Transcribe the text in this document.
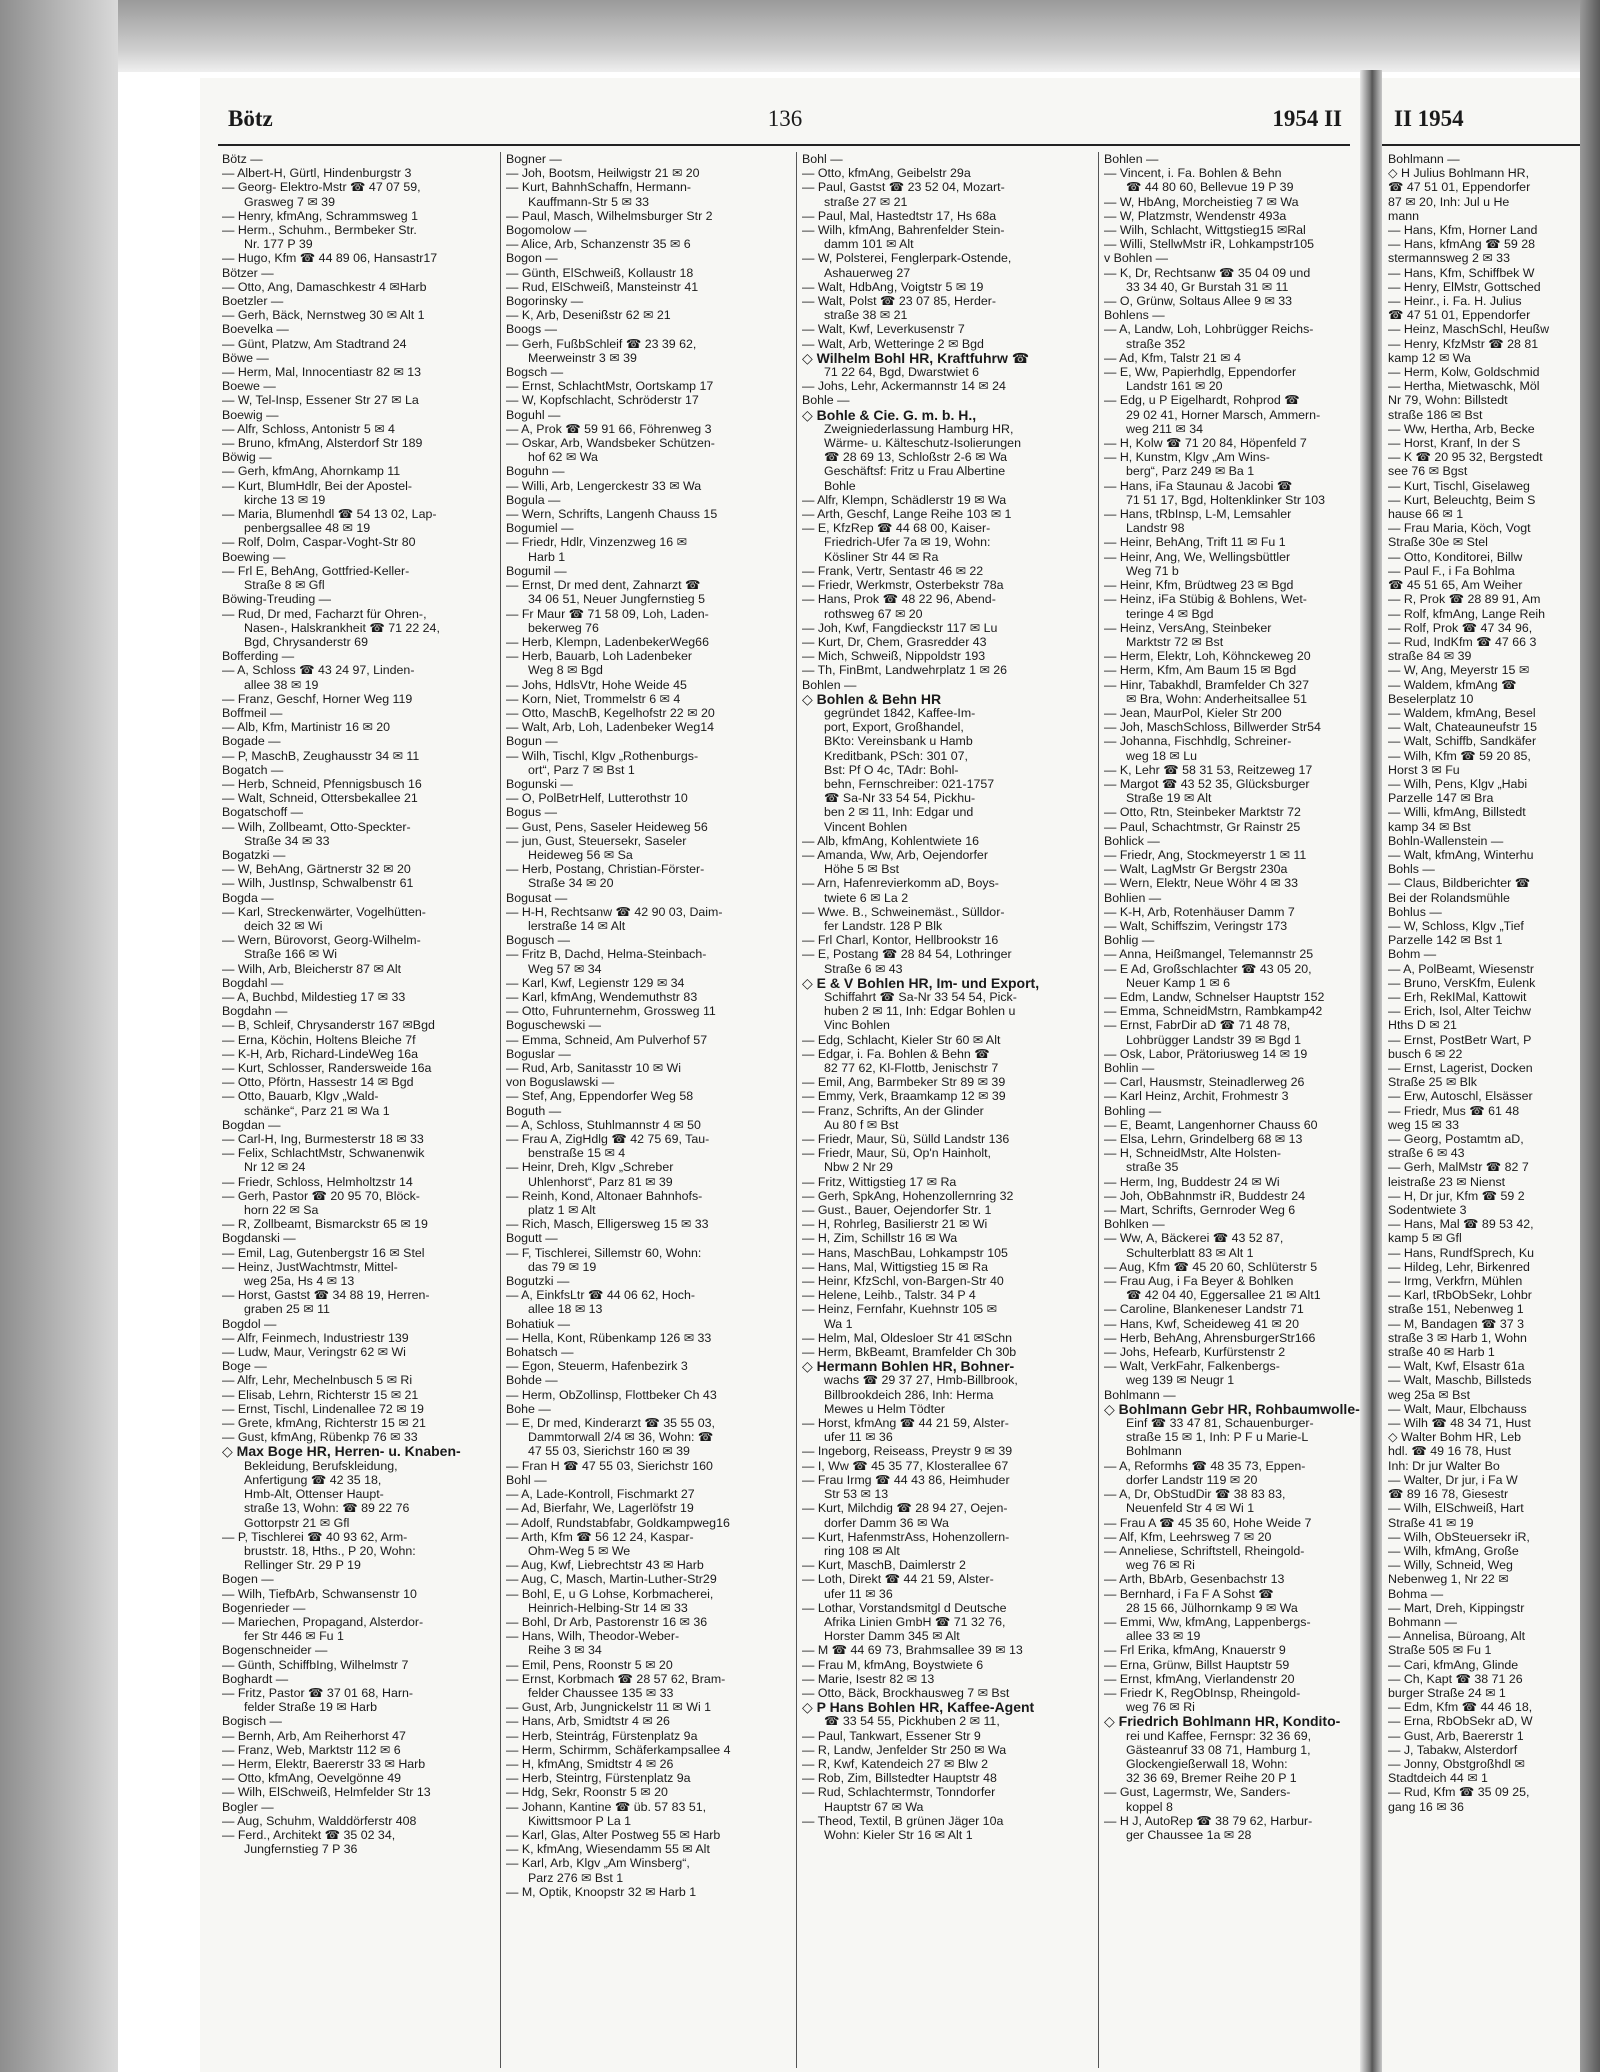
Bötz	136	1954 II
Bötz —
— Albert-H, Gürtl, Hindenburgstr 3
— Georg- Elektro-Mstr ☎ 47 07 59,
Grasweg 7 ✉ 39
— Henry, kfmAng, Schrammsweg 1
— Herm., Schuhm., Bermbeker Str.
Nr. 177 P 39
— Hugo, Kfm ☎ 44 89 06, Hansastr17
Bötzer —
— Otto, Ang, Damaschkestr 4 ✉Harb
Boetzler —
— Gerh, Bäck, Nernstweg 30 ✉ Alt 1
Boevelka —
— Günt, Platzw, Am Stadtrand 24
Böwe —
— Herm, Mal, Innocentiastr 82 ✉ 13
Boewe —
— W, Tel-Insp, Essener Str 27 ✉ La
Boewig —
— Alfr, Schloss, Antonistr 5 ✉ 4
— Bruno, kfmAng, Alsterdorf Str 189
Böwig —
— Gerh, kfmAng, Ahornkamp 11
— Kurt, BlumHdlr, Bei der Apostel-
kirche 13 ✉ 19
— Maria, Blumenhdl ☎ 54 13 02, Lap-
penbergsallee 48 ✉ 19
— Rolf, Dolm, Caspar-Voght-Str 80
Boewing —
— Frl E, BehAng, Gottfried-Keller-
Straße 8 ✉ Gfl
Böwing-Treuding —
— Rud, Dr med, Facharzt für Ohren-,
Nasen-, Halskrankheit ☎ 71 22 24,
Bgd, Chrysanderstr 69
Bofferding —
— A, Schloss ☎ 43 24 97, Linden-
allee 38 ✉ 19
— Franz, Geschf, Horner Weg 119
Boffmeil —
— Alb, Kfm, Martinistr 16 ✉ 20
Bogade —
— P, MaschB, Zeughausstr 34 ✉ 11
Bogatch —
— Herb, Schneid, Pfennigsbusch 16
— Walt, Schneid, Ottersbekallee 21
Bogatschoff —
— Wilh, Zollbeamt, Otto-Speckter-
Straße 34 ✉ 33
Bogatzki —
— W, BehAng, Gärtnerstr 32 ✉ 20
— Wilh, JustInsp, Schwalbenstr 61
Bogda —
— Karl, Streckenwärter, Vogelhütten-
deich 32 ✉ Wi
— Wern, Bürovorst, Georg-Wilhelm-
Straße 166 ✉ Wi
— Wilh, Arb, Bleicherstr 87 ✉ Alt
Bogdahl —
— A, Buchbd, Mildestieg 17 ✉ 33
Bogdahn —
— B, Schleif, Chrysanderstr 167 ✉Bgd
— Erna, Köchin, Holtens Bleiche 7f
— K-H, Arb, Richard-LindeWeg 16a
— Kurt, Schlosser, Randersweide 16a
— Otto, Pförtn, Hassestr 14 ✉ Bgd
— Otto, Bauarb, Klgv „Wald-
schänke“, Parz 21 ✉ Wa 1
Bogdan —
— Carl-H, Ing, Burmesterstr 18 ✉ 33
— Felix, SchlachtMstr, Schwanenwik
Nr 12 ✉ 24
— Friedr, Schloss, Helmholtzstr 14
— Gerh, Pastor ☎ 20 95 70, Blöck-
horn 22 ✉ Sa
— R, Zollbeamt, Bismarckstr 65 ✉ 19
Bogdanski —
— Emil, Lag, Gutenbergstr 16 ✉ Stel
— Heinz, JustWachtmstr, Mittel-
weg 25a, Hs 4 ✉ 13
— Horst, Gastst ☎ 34 88 19, Herren-
graben 25 ✉ 11
Bogdol —
— Alfr, Feinmech, Industriestr 139
— Ludw, Maur, Veringstr 62 ✉ Wi
Boge —
— Alfr, Lehr, Mechelnbusch 5 ✉ Ri
— Elisab, Lehrn, Richterstr 15 ✉ 21
— Ernst, Tischl, Lindenallee 72 ✉ 19
— Grete, kfmAng, Richterstr 15 ✉ 21
— Gust, kfmAng, Rübenkp 76 ✉ 33
◇ Max Boge HR, Herren- u. Knaben-
Bekleidung, Berufskleidung,
Anfertigung ☎ 42 35 18,
Hmb-Alt, Ottenser Haupt-
straße 13, Wohn: ☎ 89 22 76
Gottorpstr 21 ✉ Gfl
— P, Tischlerei ☎ 40 93 62, Arm-
bruststr. 18, Hths., P 20, Wohn:
Rellinger Str. 29 P 19
Bogen —
— Wilh, TiefbArb, Schwansenstr 10
Bogenrieder —
— Mariechen, Propagand, Alsterdor-
fer Str 446 ✉ Fu 1
Bogenschneider —
— Günth, SchiffbIng, Wilhelmstr 7
Boghardt —
— Fritz, Pastor ☎ 37 01 68, Harn-
felder Straße 19 ✉ Harb
Bogisch —
— Bernh, Arb, Am Reiherhorst 47
— Franz, Web, Marktstr 112 ✉ 6
— Herm, Elektr, Baererstr 33 ✉ Harb
— Otto, kfmAng, Oevelgönne 49
— Wilh, ElSchweiß, Helmfelder Str 13
Bogler —
— Aug, Schuhm, Walddörferstr 408
— Ferd., Architekt ☎ 35 02 34,
Jungfernstieg 7 P 36
Bogner —
— Joh, Bootsm, Heilwigstr 21 ✉ 20
— Kurt, BahnhSchaffn, Hermann-
Kauffmann-Str 5 ✉ 33
— Paul, Masch, Wilhelmsburger Str 2
Bogomolow —
— Alice, Arb, Schanzenstr 35 ✉ 6
Bogon —
— Günth, ElSchweiß, Kollaustr 18
— Rud, ElSchweiß, Mansteinstr 41
Bogorinsky —
— K, Arb, Desenißstr 62 ✉ 21
Boogs —
— Gerh, FußbSchleif ☎ 23 39 62,
Meerweinstr 3 ✉ 39
Bogsch —
— Ernst, SchlachtMstr, Oortskamp 17
— W, Kopfschlacht, Schröderstr 17
Boguhl —
— A, Prok ☎ 59 91 66, Föhrenweg 3
— Oskar, Arb, Wandsbeker Schützen-
hof 62 ✉ Wa
Boguhn —
— Willi, Arb, Lengerckestr 33 ✉ Wa
Bogula —
— Wern, Schrifts, Langenh Chauss 15
Bogumiel —
— Friedr, Hdlr, Vinzenzweg 16 ✉
Harb 1
Bogumil —
— Ernst, Dr med dent, Zahnarzt ☎
34 06 51, Neuer Jungfernstieg 5
— Fr Maur ☎ 71 58 09, Loh, Laden-
bekerweg 76
— Herb, Klempn, LadenbekerWeg66
— Herb, Bauarb, Loh Ladenbeker
Weg 8 ✉ Bgd
— Johs, HdlsVtr, Hohe Weide 45
— Korn, Niet, Trommelstr 6 ✉ 4
— Otto, MaschB, Kegelhofstr 22 ✉ 20
— Walt, Arb, Loh, Ladenbeker Weg14
Bogun —
— Wilh, Tischl, Klgv „Rothenburgs-
ort“, Parz 7 ✉ Bst 1
Bogunski —
— O, PolBetrHelf, Lutterothstr 10
Bogus —
— Gust, Pens, Saseler Heideweg 56
— jun, Gust, Steuersekr, Saseler
Heideweg 56 ✉ Sa
— Herb, Postang, Christian-Förster-
Straße 34 ✉ 20
Bogusat —
— H-H, Rechtsanw ☎ 42 90 03, Daim-
lerstraße 14 ✉ Alt
Bogusch —
— Fritz B, Dachd, Helma-Steinbach-
Weg 57 ✉ 34
— Karl, Kwf, Legienstr 129 ✉ 34
— Karl, kfmAng, Wendemuthstr 83
— Otto, Fuhrunternehm, Grossweg 11
Boguschewski —
— Emma, Schneid, Am Pulverhof 57
Boguslar —
— Rud, Arb, Sanitasstr 10 ✉ Wi
von Boguslawski —
— Stef, Ang, Eppendorfer Weg 58
Boguth —
— A, Schloss, Stuhlmannstr 4 ✉ 50
— Frau A, ZigHdlg ☎ 42 75 69, Tau-
benstraße 15 ✉ 4
— Heinr, Dreh, Klgv „Schreber
Uhlenhorst“, Parz 81 ✉ 39
— Reinh, Kond, Altonaer Bahnhofs-
platz 1 ✉ Alt
— Rich, Masch, Elligersweg 15 ✉ 33
Bogutt —
— F, Tischlerei, Sillemstr 60, Wohn:
das 79 ✉ 19
Bogutzki —
— A, EinkfsLtr ☎ 44 06 62, Hoch-
allee 18 ✉ 13
Bohatiuk —
— Hella, Kont, Rübenkamp 126 ✉ 33
Bohatsch —
— Egon, Steuerm, Hafenbezirk 3
Bohde —
— Herm, ObZollinsp, Flottbeker Ch 43
Bohe —
— E, Dr med, Kinderarzt ☎ 35 55 03,
Dammtorwall 2/4 ✉ 36, Wohn: ☎
47 55 03, Sierichstr 160 ✉ 39
— Fran H ☎ 47 55 03, Sierichstr 160
Bohl —
— A, Lade-Kontroll, Fischmarkt 27
— Ad, Bierfahr, We, Lagerlöfstr 19
— Adolf, Rundstabfabr, Goldkampweg16
— Arth, Kfm ☎ 56 12 24, Kaspar-
Ohm-Weg 5 ✉ We
— Aug, Kwf, Liebrechtstr 43 ✉ Harb
— Aug, C, Masch, Martin-Luther-Str29
— Bohl, E, u G Lohse, Korbmacherei,
Heinrich-Helbing-Str 14 ✉ 33
— Bohl, Dr Arb, Pastorenstr 16 ✉ 36
— Hans, Wilh, Theodor-Weber-
Reihe 3 ✉ 34
— Emil, Pens, Roonstr 5 ✉ 20
— Ernst, Korbmach ☎ 28 57 62, Bram-
felder Chaussee 135 ✉ 33
— Gust, Arb, Jungnickelstr 11 ✉ Wi 1
— Hans, Arb, Smidtstr 4 ✉ 26
— Herb, Steintrág, Fürstenplatz 9a
— Herm, Schirmm, Schäferkampsallee 4
— H, kfmAng, Smidtstr 4 ✉ 26
— Herb, Steintrg, Fürstenplatz 9a
— Hdg, Sekr, Roonstr 5 ✉ 20
— Johann, Kantine ☎ üb. 57 83 51,
Kiwittsmoor P La 1
— Karl, Glas, Alter Postweg 55 ✉ Harb
— K, kfmAng, Wiesendamm 55 ✉ Alt
— Karl, Arb, Klgv „Am Winsberg“,
Parz 276 ✉ Bst 1
— M, Optik, Knoopstr 32 ✉ Harb 1
Bohl —
— Otto, kfmAng, Geibelstr 29a
— Paul, Gastst ☎ 23 52 04, Mozart-
straße 27 ✉ 21
— Paul, Mal, Hastedtstr 17, Hs 68a
— Wilh, kfmAng, Bahrenfelder Stein-
damm 101 ✉ Alt
— W, Polsterei, Fenglerpark-Ostende,
Ashauerweg 27
— Walt, HdbAng, Voigtstr 5 ✉ 19
— Walt, Polst ☎ 23 07 85, Herder-
straße 38 ✉ 21
— Walt, Kwf, Leverkusenstr 7
— Walt, Arb, Wetteringe 2 ✉ Bgd
◇ Wilhelm Bohl HR, Kraftfuhrw ☎
71 22 64, Bgd, Dwarstwiet 6
— Johs, Lehr, Ackermannstr 14 ✉ 24
Bohle —
◇ Bohle & Cie. G. m. b. H.,
Zweigniederlassung Hamburg HR,
Wärme- u. Kälteschutz-Isolierungen
☎ 28 69 13, Schloßstr 2-6 ✉ Wa
Geschäftsf: Fritz u Frau Albertine
Bohle
— Alfr, Klempn, Schädlerstr 19 ✉ Wa
— Arth, Geschf, Lange Reihe 103 ✉ 1
— E, KfzRep ☎ 44 68 00, Kaiser-
Friedrich-Ufer 7a ✉ 19, Wohn:
Kösliner Str 44 ✉ Ra
— Frank, Vertr, Sentastr 46 ✉ 22
— Friedr, Werkmstr, Osterbekstr 78a
— Hans, Prok ☎ 48 22 96, Abend-
rothsweg 67 ✉ 20
— Joh, Kwf, Fangdieckstr 117 ✉ Lu
— Kurt, Dr, Chem, Grasredder 43
— Mich, Schweiß, Nippoldstr 193
— Th, FinBmt, Landwehrplatz 1 ✉ 26
Bohlen —
◇ Bohlen & Behn HR
gegründet 1842, Kaffee-Im-
port, Export, Großhandel,
BKto: Vereinsbank u Hamb
Kreditbank, PSch: 301 07,
Bst: Pf O 4c, TAdr: Bohl-
behn, Fernschreiber: 021-1757
☎ Sa-Nr 33 54 54, Pickhu-
ben 2 ✉ 11, Inh: Edgar und
Vincent Bohlen
— Alb, kfmAng, Kohlentwiete 16
— Amanda, Ww, Arb, Oejendorfer
Höhe 5 ✉ Bst
— Arn, Hafenrevierkomm aD, Boys-
twiete 6 ✉ La 2
— Wwe. B., Schweinemäst., Sülldor-
fer Landstr. 128 P Blk
— Frl Charl, Kontor, Hellbrookstr 16
— E, Postang ☎ 28 84 54, Lothringer
Straße 6 ✉ 43
◇ E & V Bohlen HR, Im- und Export,
Schiffahrt ☎ Sa-Nr 33 54 54, Pick-
huben 2 ✉ 11, Inh: Edgar Bohlen u
Vinc Bohlen
— Edg, Schlacht, Kieler Str 60 ✉ Alt
— Edgar, i. Fa. Bohlen & Behn ☎
82 77 62, Kl-Flottb, Jenischstr 7
— Emil, Ang, Barmbeker Str 89 ✉ 39
— Emmy, Verk, Braamkamp 12 ✉ 39
— Franz, Schrifts, An der Glinder
Au 80 f ✉ Bst
— Friedr, Maur, Sü, Sülld Landstr 136
— Friedr, Maur, Sü, Op'n Hainholt,
Nbw 2 Nr 29
— Fritz, Wittigstieg 17 ✉ Ra
— Gerh, SpkAng, Hohenzollernring 32
— Gust., Bauer, Oejendorfer Str. 1
— H, Rohrleg, Basilierstr 21 ✉ Wi
— H, Zim, Schillstr 16 ✉ Wa
— Hans, MaschBau, Lohkampstr 105
— Hans, Mal, Wittigstieg 15 ✉ Ra
— Heinr, KfzSchl, von-Bargen-Str 40
— Helene, Leihb., Talstr. 34 P 4
— Heinz, Fernfahr, Kuehnstr 105 ✉
Wa 1
— Helm, Mal, Oldesloer Str 41 ✉Schn
— Herm, BkBeamt, Bramfelder Ch 30b
◇ Hermann Bohlen HR, Bohner-
wachs ☎ 29 37 27, Hmb-Billbrook,
Billbrookdeich 286, Inh: Herma
Mewes u Helm Tödter
— Horst, kfmAng ☎ 44 21 59, Alster-
ufer 11 ✉ 36
— Ingeborg, Reiseass, Preystr 9 ✉ 39
— I, Ww ☎ 45 35 77, Klosterallee 67
— Frau Irmg ☎ 44 43 86, Heimhuder
Str 53 ✉ 13
— Kurt, Milchdig ☎ 28 94 27, Oejen-
dorfer Damm 36 ✉ Wa
— Kurt, HafenmstrAss, Hohenzollern-
ring 108 ✉ Alt
— Kurt, MaschB, Daimlerstr 2
— Loth, Direkt ☎ 44 21 59, Alster-
ufer 11 ✉ 36
— Lothar, Vorstandsmitgl d Deutsche
Afrika Linien GmbH ☎ 71 32 76,
Horster Damm 345 ✉ Alt
— M ☎ 44 69 73, Brahmsallee 39 ✉ 13
— Frau M, kfmAng, Boystwiete 6
— Marie, Isestr 82 ✉ 13
— Otto, Bäck, Brockhausweg 7 ✉ Bst
◇ P Hans Bohlen HR, Kaffee-Agent
☎ 33 54 55, Pickhuben 2 ✉ 11,
— Paul, Tankwart, Essener Str 9
— R, Landw, Jenfelder Str 250 ✉ Wa
— R, Kwf, Katendeich 27 ✉ Blw 2
— Rob, Zim, Billstedter Hauptstr 48
— Rud, Schlachtermstr, Tonndorfer
Hauptstr 67 ✉ Wa
— Theod, Textil, B grünen Jäger 10a
Wohn: Kieler Str 16 ✉ Alt 1
Bohlen —
— Vincent, i. Fa. Bohlen & Behn
☎ 44 80 60, Bellevue 19 P 39
— W, HbAng, Morcheistieg 7 ✉ Wa
— W, Platzmstr, Wendenstr 493a
— Wilh, Schlacht, Wittgstieg15 ✉Ral
— Willi, StellwMstr iR, Lohkampstr105
v Bohlen —
— K, Dr, Rechtsanw ☎ 35 04 09 und
33 34 40, Gr Burstah 31 ✉ 11
— O, Grünw, Soltaus Allee 9 ✉ 33
Bohlens —
— A, Landw, Loh, Lohbrügger Reichs-
straße 352
— Ad, Kfm, Talstr 21 ✉ 4
— E, Ww, Papierhdlg, Eppendorfer
Landstr 161 ✉ 20
— Edg, u P Eigelhardt, Rohprod ☎
29 02 41, Horner Marsch, Ammern-
weg 211 ✉ 34
— H, Kolw ☎ 71 20 84, Höpenfeld 7
— H, Kunstm, Klgv „Am Wins-
berg“, Parz 249 ✉ Ba 1
— Hans, iFa Staunau & Jacobi ☎
71 51 17, Bgd, Holtenklinker Str 103
— Hans, tRbInsp, L-M, Lemsahler
Landstr 98
— Heinr, BehAng, Trift 11 ✉ Fu 1
— Heinr, Ang, We, Wellingsbüttler
Weg 71 b
— Heinr, Kfm, Brüdtweg 23 ✉ Bgd
— Heinz, iFa Stübig & Bohlens, Wet-
teringe 4 ✉ Bgd
— Heinz, VersAng, Steinbeker
Marktstr 72 ✉ Bst
— Herm, Elektr, Loh, Köhnckeweg 20
— Herm, Kfm, Am Baum 15 ✉ Bgd
— Hinr, Tabakhdl, Bramfelder Ch 327
✉ Bra, Wohn: Anderheitsallee 51
— Jean, MaurPol, Kieler Str 200
— Joh, MaschSchloss, Billwerder Str54
— Johanna, Fischhdlg, Schreiner-
weg 18 ✉ Lu
— K, Lehr ☎ 58 31 53, Reitzeweg 17
— Margot ☎ 43 52 35, Glücksburger
Straße 19 ✉ Alt
— Otto, Rtn, Steinbeker Marktstr 72
— Paul, Schachtmstr, Gr Rainstr 25
Bohlick —
— Friedr, Ang, Stockmeyerstr 1 ✉ 11
— Walt, LagMstr Gr Bergstr 230a
— Wern, Elektr, Neue Wöhr 4 ✉ 33
Bohlien —
— K-H, Arb, Rotenhäuser Damm 7
— Walt, Schiffszim, Veringstr 173
Bohlig —
— Anna, Heißmangel, Telemannstr 25
— E Ad, Großschlachter ☎ 43 05 20,
Neuer Kamp 1 ✉ 6
— Edm, Landw, Schnelser Hauptstr 152
— Emma, SchneidMstrn, Rambkamp42
— Ernst, FabrDir aD ☎ 71 48 78,
Lohbrügger Landstr 39 ✉ Bgd 1
— Osk, Labor, Prätoriusweg 14 ✉ 19
Bohlin —
— Carl, Hausmstr, Steinadlerweg 26
— Karl Heinz, Archit, Frohmestr 3
Bohling —
— E, Beamt, Langenhorner Chauss 60
— Elsa, Lehrn, Grindelberg 68 ✉ 13
— H, SchneidMstr, Alte Holsten-
straße 35
— Herm, Ing, Buddestr 24 ✉ Wi
— Joh, ObBahnmstr iR, Buddestr 24
— Mart, Schrifts, Gernroder Weg 6
Bohlken —
— Ww, A, Bäckerei ☎ 43 52 87,
Schulterblatt 83 ✉ Alt 1
— Aug, Kfm ☎ 45 20 60, Schlüterstr 5
— Frau Aug, i Fa Beyer & Bohlken
☎ 42 04 40, Eggersallee 21 ✉ Alt1
— Caroline, Blankeneser Landstr 71
— Hans, Kwf, Scheideweg 41 ✉ 20
— Herb, BehAng, AhrensburgerStr166
— Johs, Hefearb, Kurfürstenstr 2
— Walt, VerkFahr, Falkenbergs-
weg 139 ✉ Neugr 1
Bohlmann —
◇ Bohlmann Gebr HR, Rohbaumwolle-
Einf ☎ 33 47 81, Schauenburger-
straße 15 ✉ 1, Inh: P F u Marie-L
Bohlmann
— A, Reformhs ☎ 48 35 73, Eppen-
dorfer Landstr 119 ✉ 20
— A, Dr, ObStudDir ☎ 38 83 83,
Neuenfeld Str 4 ✉ Wi 1
— Frau A ☎ 45 35 60, Hohe Weide 7
— Alf, Kfm, Leehrsweg 7 ✉ 20
— Anneliese, Schriftstell, Rheingold-
weg 76 ✉ Ri
— Arth, BbArb, Gesenbachstr 13
— Bernhard, i Fa F A Sohst ☎
28 15 66, Jülhornkamp 9 ✉ Wa
— Emmi, Ww, kfmAng, Lappenbergs-
allee 33 ✉ 19
— Frl Erika, kfmAng, Knauerstr 9
— Erna, Grünw, Billst Hauptstr 59
— Ernst, kfmAng, Vierlandenstr 20
— Friedr K, RegObInsp, Rheingold-
weg 76 ✉ Ri
◇ Friedrich Bohlmann HR, Kondito-
rei und Kaffee, Fernspr: 32 36 69,
Gästeanruf 33 08 71, Hamburg 1,
Glockengießerwall 18, Wohn:
32 36 69, Bremer Reihe 20 P 1
— Gust, Lagermstr, We, Sanders-
koppel 8
— H J, AutoRep ☎ 38 79 62, Harbur-
ger Chaussee 1a ✉ 28
II 1954
Bohlmann —
◇ H Julius Bohlmann HR,
☎ 47 51 01, Eppendorfer
87 ✉ 20, Inh: Jul u He
mann
— Hans, Kfm, Horner Land
— Hans, kfmAng ☎ 59 28
stermannsweg 2 ✉ 33
— Hans, Kfm, Schiffbek W
— Henry, ElMstr, Gottsched
— Heinr., i. Fa. H. Julius
☎ 47 51 01, Eppendorfer
— Heinz, MaschSchl, Heußw
— Henry, KfzMstr ☎ 28 81
kamp 12 ✉ Wa
— Herm, Kolw, Goldschmid
— Hertha, Mietwaschk, Möl
Nr 79, Wohn: Billstedt
straße 186 ✉ Bst
— Ww, Hertha, Arb, Becke
— Horst, Kranf, In der S
— K ☎ 20 95 32, Bergstedt
see 76 ✉ Bgst
— Kurt, Tischl, Giselaweg
— Kurt, Beleuchtg, Beim S
hause 66 ✉ 1
— Frau Maria, Köch, Vogt
Straße 30e ✉ Stel
— Otto, Konditorei, Billw
— Paul F., i Fa Bohlma
☎ 45 51 65, Am Weiher
— R, Prok ☎ 28 89 91, Am
— Rolf, kfmAng, Lange Reih
— Rolf, Prok ☎ 47 34 96,
— Rud, IndKfm ☎ 47 66 3
straße 84 ✉ 39
— W, Ang, Meyerstr 15 ✉
— Waldem, kfmAng ☎
Beselerplatz 10
— Waldem, kfmAng, Besel
— Walt, Chateauneufstr 15
— Walt, Schiffb, Sandkäfer
— Wilh, Kfm ☎ 59 20 85,
Horst 3 ✉ Fu
— Wilh, Pens, Klgv „Habi
Parzelle 147 ✉ Bra
— Willi, kfmAng, Billstedt
kamp 34 ✉ Bst
Bohln-Wallenstein —
— Walt, kfmAng, Winterhu
Bohls —
— Claus, Bildberichter ☎
Bei der Rolandsmühle
Bohlus —
— W, Schloss, Klgv „Tief
Parzelle 142 ✉ Bst 1
Bohm —
— A, PolBeamt, Wiesenstr
— Bruno, VersKfm, Eulenk
— Erh, RekIMal, Kattowit
— Erich, Isol, Alter Teichw
Hths D ✉ 21
— Ernst, PostBetr Wart, P
busch 6 ✉ 22
— Ernst, Lagerist, Docken
Straße 25 ✉ Blk
— Erw, Autoschl, Elsässer
— Friedr, Mus ☎ 61 48
weg 15 ✉ 33
— Georg, Postamtm aD,
straße 6 ✉ 43
— Gerh, MalMstr ☎ 82 7
leistraße 23 ✉ Nienst
— H, Dr jur, Kfm ☎ 59 2
Sodentwiete 3
— Hans, Mal ☎ 89 53 42,
kamp 5 ✉ Gfl
— Hans, RundfSprech, Ku
— Hildeg, Lehr, Birkenred
— Irmg, Verkfrn, Mühlen
— Karl, tRbObSekr, Lohbr
straße 151, Nebenweg 1
— M, Bandagen ☎ 37 3
straße 3 ✉ Harb 1, Wohn
straße 40 ✉ Harb 1
— Walt, Kwf, Elsastr 61a
— Walt, Maschb, Billsteds
weg 25a ✉ Bst
— Walt, Maur, Elbchauss
— Wilh ☎ 48 34 71, Hust
◇ Walter Bohm HR, Leb
hdl. ☎ 49 16 78, Hust
Inh: Dr jur Walter Bo
— Walter, Dr jur, i Fa W
☎ 89 16 78, Giesestr
— Wilh, ElSchweiß, Hart
Straße 41 ✉ 19
— Wilh, ObSteuersekr iR,
— Wilh, kfmAng, Große
— Willy, Schneid, Weg
Nebenweg 1, Nr 22 ✉
Bohma —
— Mart, Dreh, Kippingstr
Bohmann —
— Annelisa, Büroang, Alt
Straße 505 ✉ Fu 1
— Cari, kfmAng, Glinde
— Ch, Kapt ☎ 38 71 26
burger Straße 24 ✉ 1
— Edm, Kfm ☎ 44 46 18,
— Erna, RbObSekr aD, W
— Gust, Arb, Baererstr 1
— J, Tabakw, Alsterdorf
— Jonny, Obstgroßhdl ✉
Stadtdeich 44 ✉ 1
— Rud, Kfm ☎ 35 09 25,
gang 16 ✉ 36
